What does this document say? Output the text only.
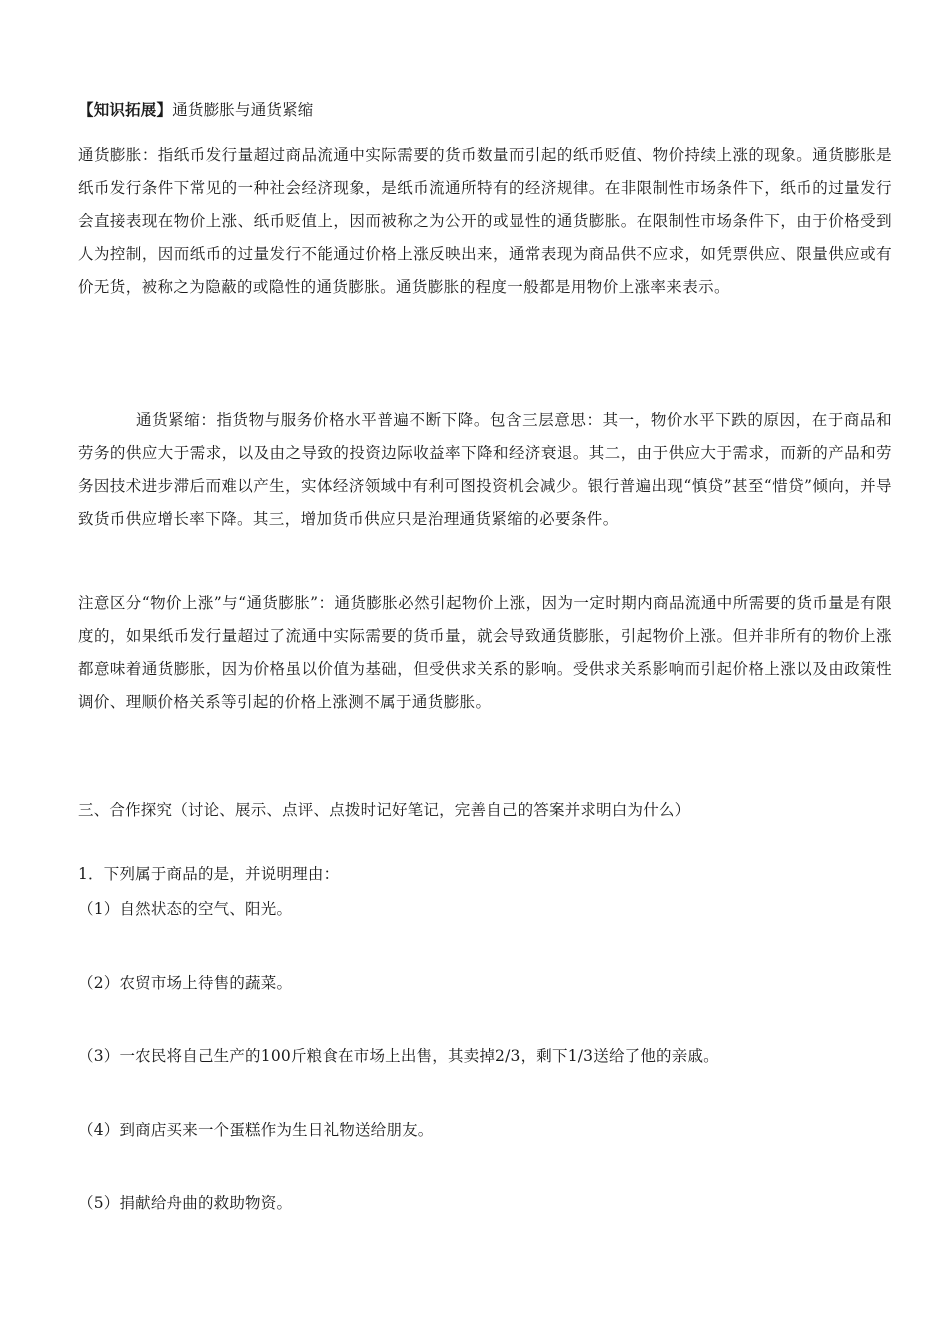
【知识拓展】通货膨胀与通货紧缩
通货膨胀：指纸币发行量超过商品流通中实际需要的货币数量而引起的纸币贬值、物价持续上涨的现象。通货膨胀是纸币发行条件下常见的一种社会经济现象，是纸币流通所特有的经济规律。在非限制性市场条件下，纸币的过量发行会直接表现在物价上涨、纸币贬值上，因而被称之为公开的或显性的通货膨胀。在限制性市场条件下，由于价格受到人为控制，因而纸币的过量发行不能通过价格上涨反映出来，通常表现为商品供不应求，如凭票供应、限量供应或有价无货，被称之为隐蔽的或隐性的通货膨胀。通货膨胀的程度一般都是用物价上涨率来表示。
通货紧缩：指货物与服务价格水平普遍不断下降。包含三层意思：其一，物价水平下跌的原因，在于商品和劳务的供应大于需求，以及由之导致的投资边际收益率下降和经济衰退。其二，由于供应大于需求，而新的产品和劳务因技术进步滞后而难以产生，实体经济领域中有利可图投资机会减少。银行普遍出现“慎贷”甚至“惜贷”倾向，并导致货币供应增长率下降。其三，增加货币供应只是治理通货紧缩的必要条件。
注意区分“物价上涨”与“通货膨胀”：通货膨胀必然引起物价上涨，因为一定时期内商品流通中所需要的货币量是有限度的，如果纸币发行量超过了流通中实际需要的货币量，就会导致通货膨胀，引起物价上涨。但并非所有的物价上涨都意味着通货膨胀，因为价格虽以价值为基础，但受供求关系的影响。受供求关系影响而引起价格上涨以及由政策性调价、理顺价格关系等引起的价格上涨测不属于通货膨胀。
三、合作探究（讨论、展示、点评、点拨时记好笔记，完善自己的答案并求明白为什么）
1．下列属于商品的是，并说明理由：
（1）自然状态的空气、阳光。
（2）农贸市场上待售的蔬菜。
（3）一农民将自己生产的100斤粮食在市场上出售，其卖掉2/3，剩下1/3送给了他的亲戚。
（4）到商店买来一个蛋糕作为生日礼物送给朋友。
（5）捐献给舟曲的救助物资。
